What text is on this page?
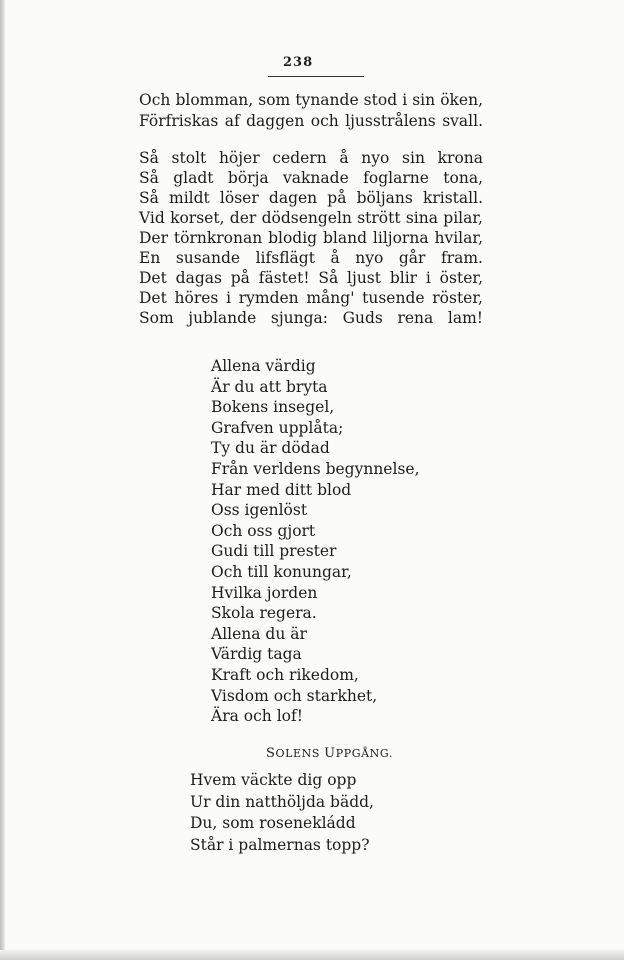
238
Och blomman, som tynande stod i sin öken,
Förfriskas af daggen och ljusstrålens svall.
Så stolt höjer cedern å nyo sin krona
Så gladt börja vaknade foglarne tona,
Så mildt löser dagen på böljans kristall.
Vid korset, der dödsengeln strött sina pilar,
Der törnkronan blodig bland liljorna hvilar,
En susande lifsflägt å nyo går fram.
Det dagas på fästet! Så ljust blir i öster,
Det höres i rymden mång' tusende röster,
Som jublande sjunga: Guds rena lam!
Allena värdig
Är du att bryta
Bokens insegel,
Grafven upplåta;
Ty du är dödad
Från verldens begynnelse,
Har med ditt blod
Oss igenlöst
Och oss gjort
Gudi till prester
Och till konungar,
Hvilka jorden
Skola regera.
Allena du är
Värdig taga
Kraft och rikedom,
Visdom och starkhet,
Ära och lof!
SOLENS UPPGÅNG.
Hvem väckte dig opp
Ur din natthöljda bädd,
Du, som rosenekládd
Står i palmernas topp?
